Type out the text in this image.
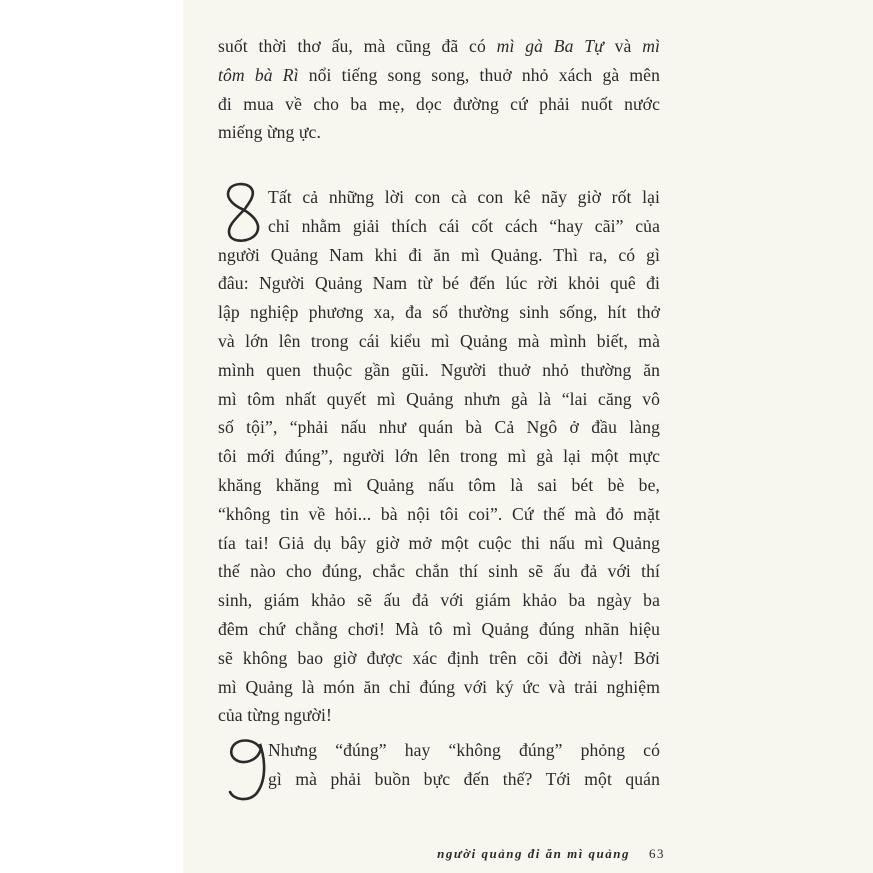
suốt thời thơ ấu, mà cũng đã có mì gà Ba Tự và mì
tôm bà Rì nổi tiếng song song, thuở nhỏ xách gà mên
đi mua về cho ba mẹ, dọc đường cứ phải nuốt nước
miếng ừng ực.
Tất cả những lời con cà con kê nãy giờ rốt lại
chỉ nhằm giải thích cái cốt cách “hay cãi” của
người Quảng Nam khi đi ăn mì Quảng. Thì ra, có gì
đâu: Người Quảng Nam từ bé đến lúc rời khỏi quê đi
lập nghiệp phương xa, đa số thường sinh sống, hít thở
và lớn lên trong cái kiểu mì Quảng mà mình biết, mà
mình quen thuộc gần gũi. Người thuở nhỏ thường ăn
mì tôm nhất quyết mì Quảng nhưn gà là “lai căng vô
số tội”, “phải nấu như quán bà Cả Ngô ở đầu làng
tôi mới đúng”, người lớn lên trong mì gà lại một mực
khăng khăng mì Quảng nấu tôm là sai bét bè be,
“không tin về hỏi... bà nội tôi coi”. Cứ thế mà đỏ mặt
tía tai! Giả dụ bây giờ mở một cuộc thi nấu mì Quảng
thế nào cho đúng, chắc chắn thí sinh sẽ ấu đả với thí
sinh, giám khảo sẽ ấu đả với giám khảo ba ngày ba
đêm chứ chẳng chơi! Mà tô mì Quảng đúng nhãn hiệu
sẽ không bao giờ được xác định trên cõi đời này! Bởi
mì Quảng là món ăn chỉ đúng với ký ức và trải nghiệm
của từng người!
Nhưng “đúng” hay “không đúng” phỏng có
gì mà phải buồn bực đến thế? Tới một quán
người quảng đi ăn mì quảng 63
